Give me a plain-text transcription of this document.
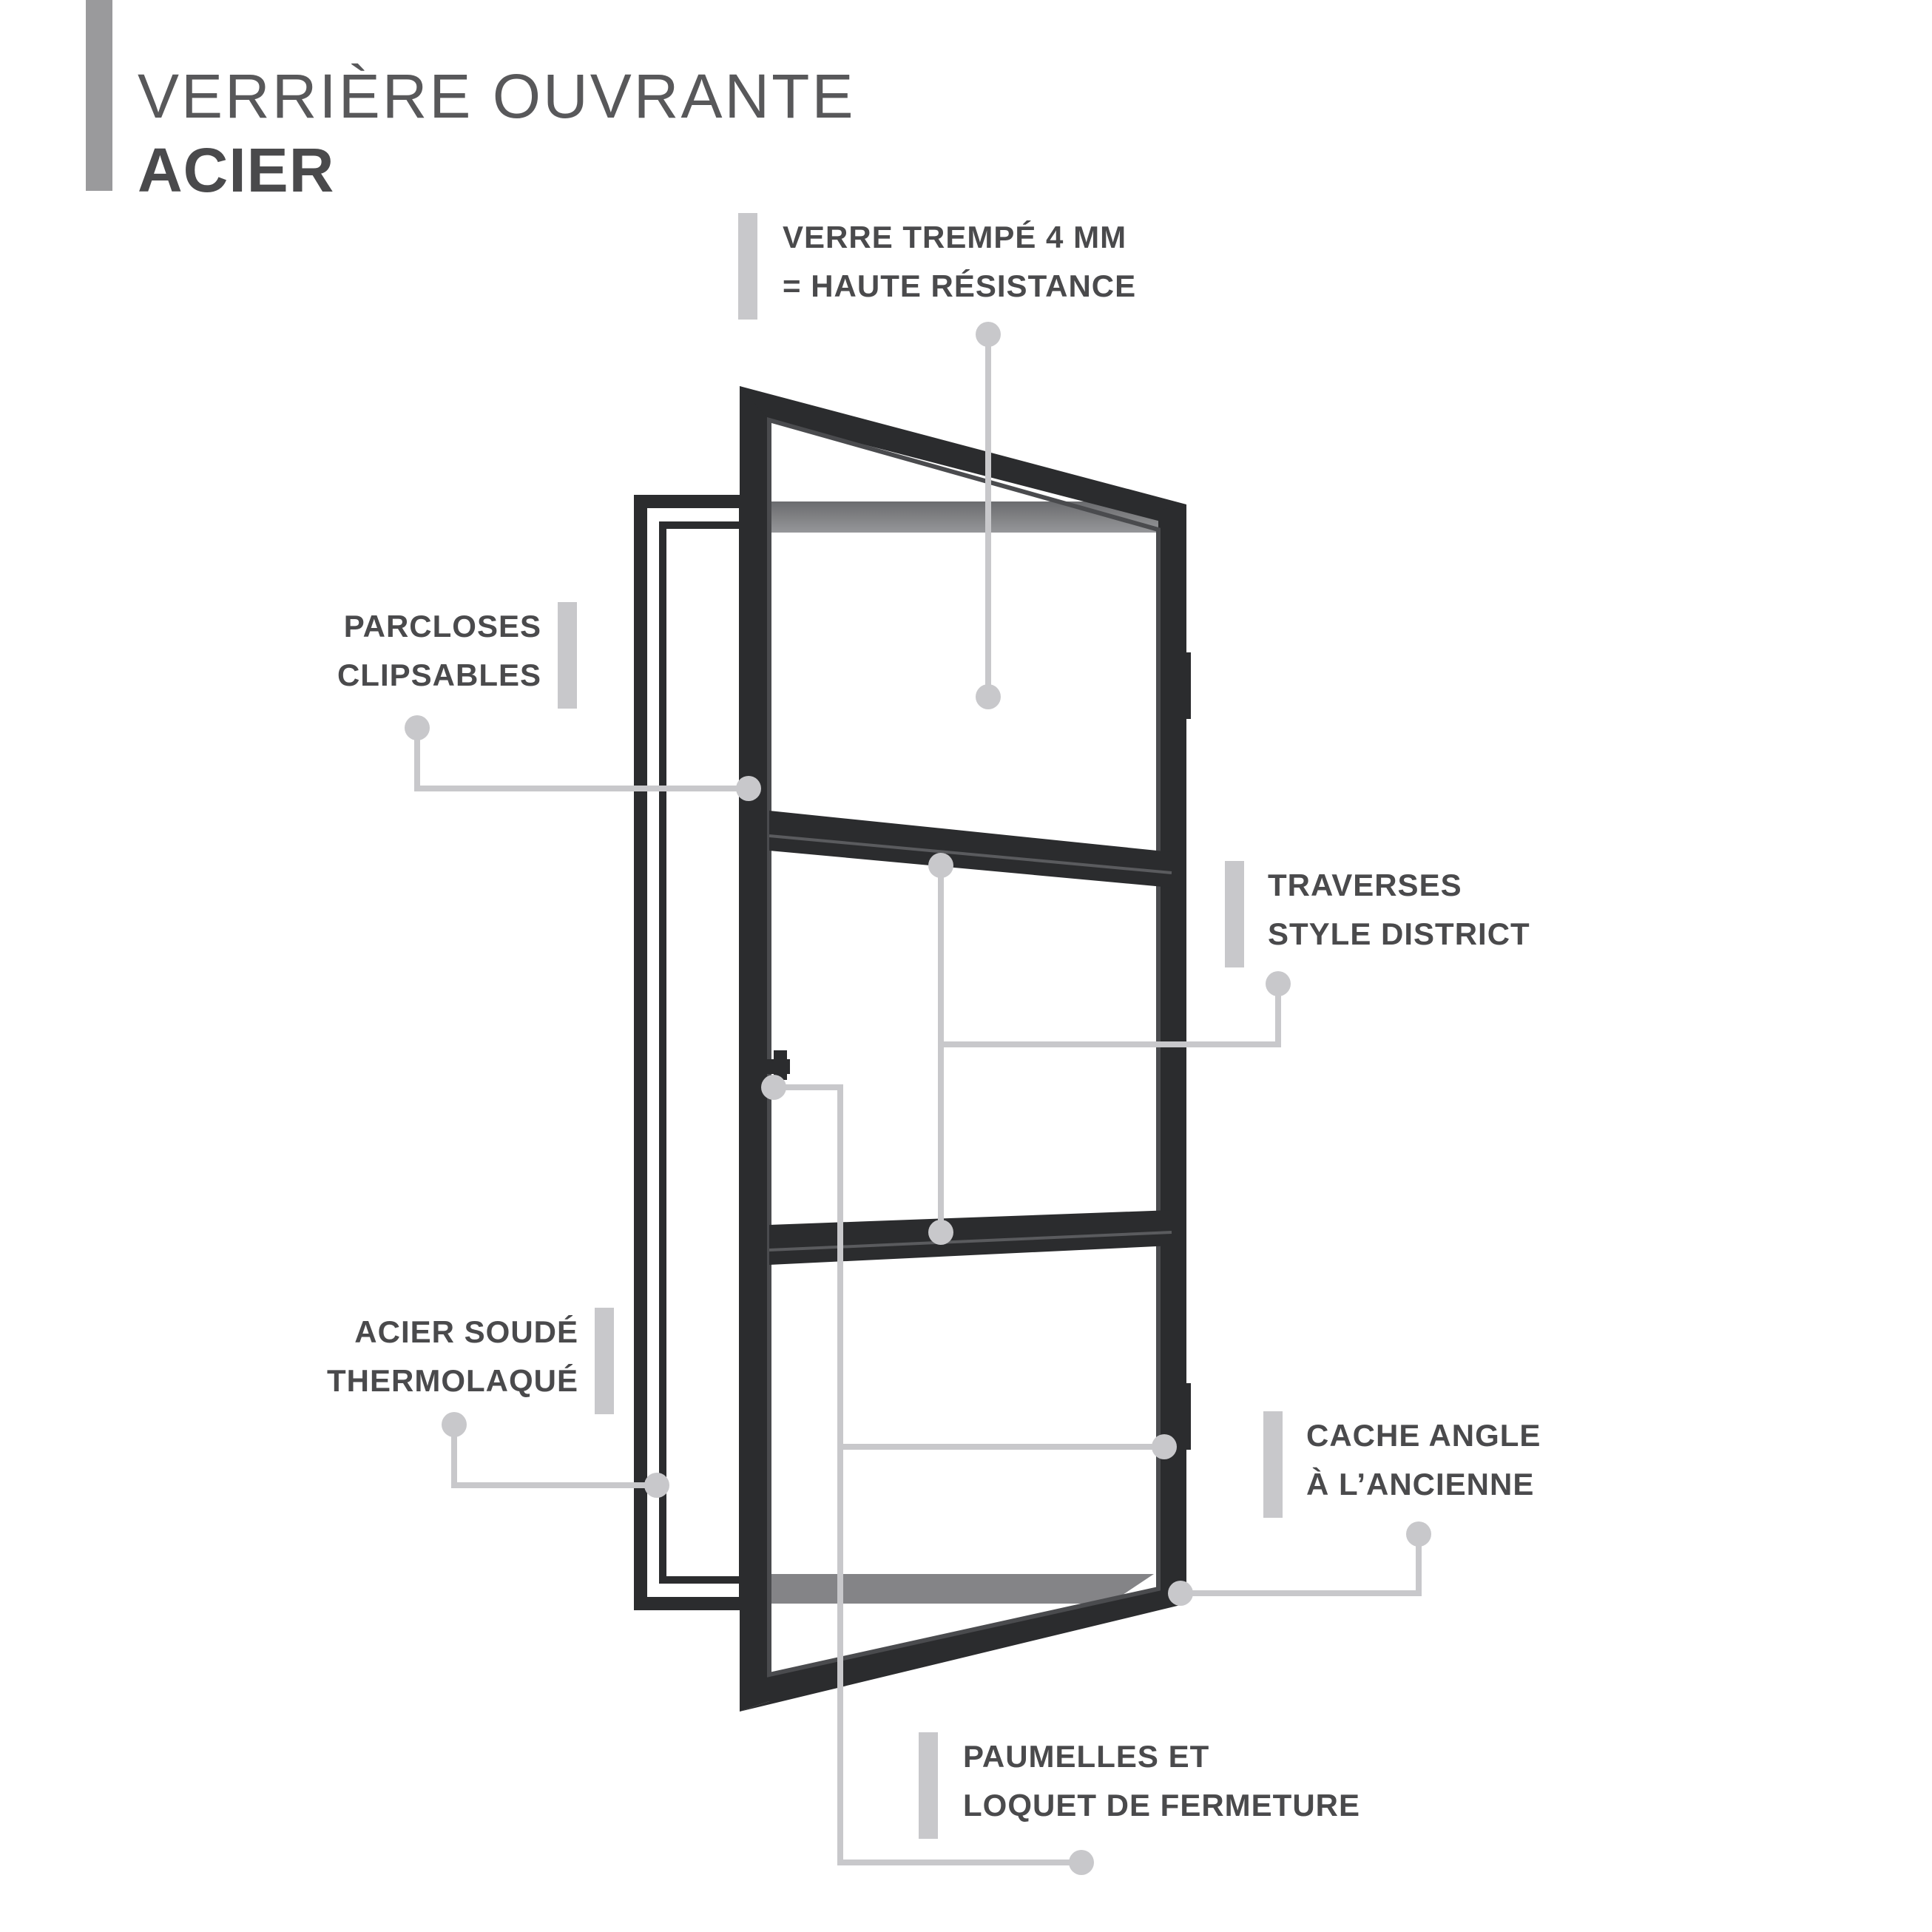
VERRIÈRE OUVRANTE
ACIER
VERRE TREMPÉ 4 MM
= HAUTE RÉSISTANCE
PARCLOSES
CLIPSABLES
TRAVERSES
STYLE DISTRICT
ACIER SOUDÉ
THERMOLAQUÉ
CACHE ANGLE
À L’ANCIENNE
PAUMELLES ET
LOQUET DE FERMETURE
